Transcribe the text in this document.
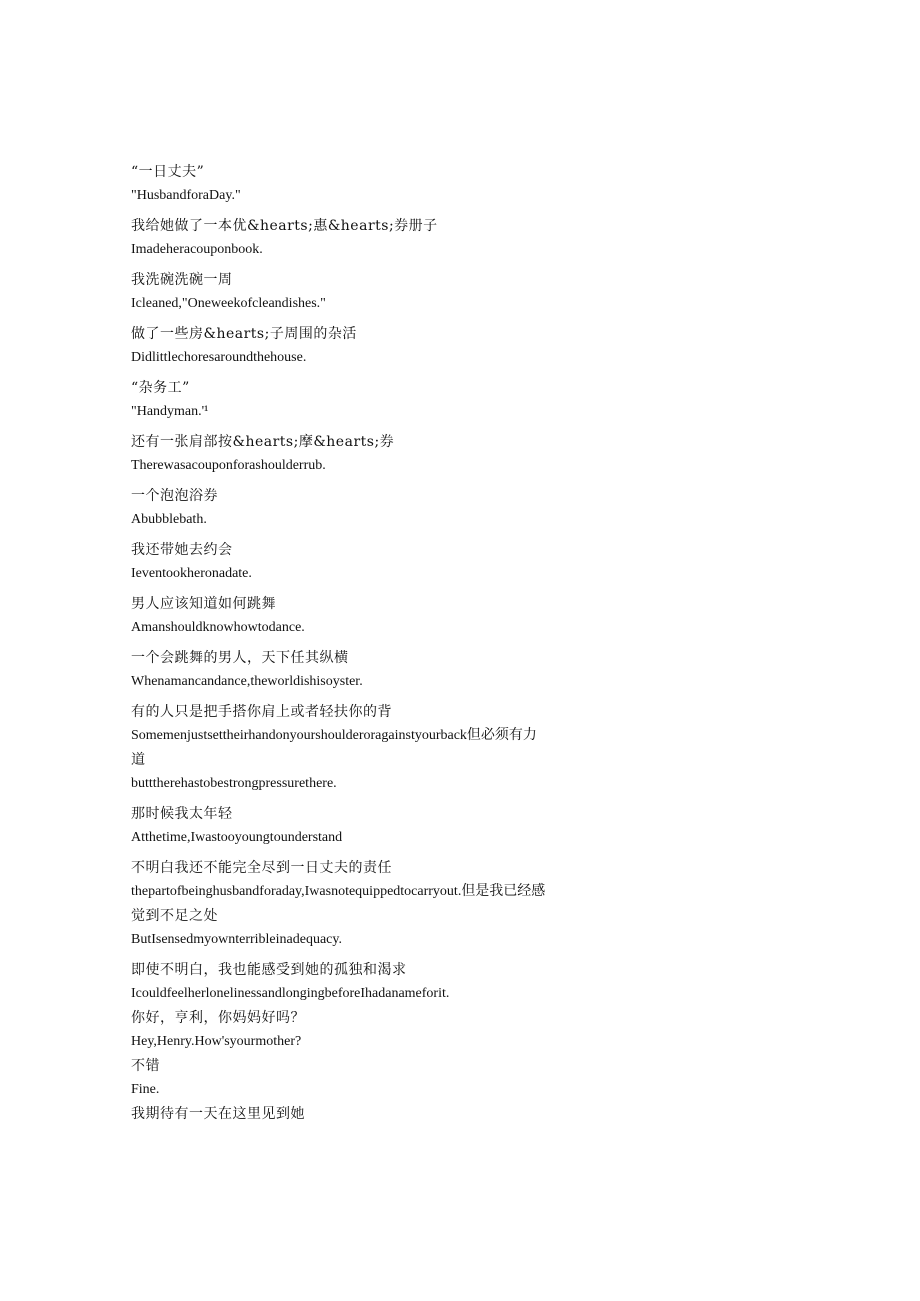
“一日丈夫”
"HusbandforaDay."
我给她做了一本优&hearts;惠&hearts;券册子
Imadeheracouponbook.
我洗碗洗碗一周
Icleaned,"Oneweekofcleandishes."
做了一些房&hearts;子周围的杂活
Didlittlechoresaroundthehouse.
“杂务工”
"Handyman.'¹
还有一张肩部按&hearts;摩&hearts;券
Therewasacouponforashoulderrub.
一个泡泡浴券
Abubblebath.
我还带她去约会
Ieventookheronadate.
男人应该知道如何跳舞
Amanshouldknowhowtodance.
一个会跳舞的男人，天下任其纵横
Whenamancandance,theworldishisoyster.
有的人只是把手搭你肩上或者轻扶你的背
Somemenjustsettheirhandonyourshoulderoragainstyourback但必须有力
道
butttherehastobestrongpressurethere.
那时候我太年轻
Atthetime,Iwastooyoungtounderstand
不明白我还不能完全尽到一日丈夫的责任
thepartofbeinghusbandforaday,Iwasnotequippedtocarryout.但是我已经感
觉到不足之处
ButIsensedmyownterribleinadequacy.
即使不明白，我也能感受到她的孤独和渴求
IcouldfeelherlonelinessandlongingbeforeIhadanameforit.
你好，亨利，你妈妈好吗？
Hey,Henry.How'syourmother?
不错
Fine.
我期待有一天在这里见到她
